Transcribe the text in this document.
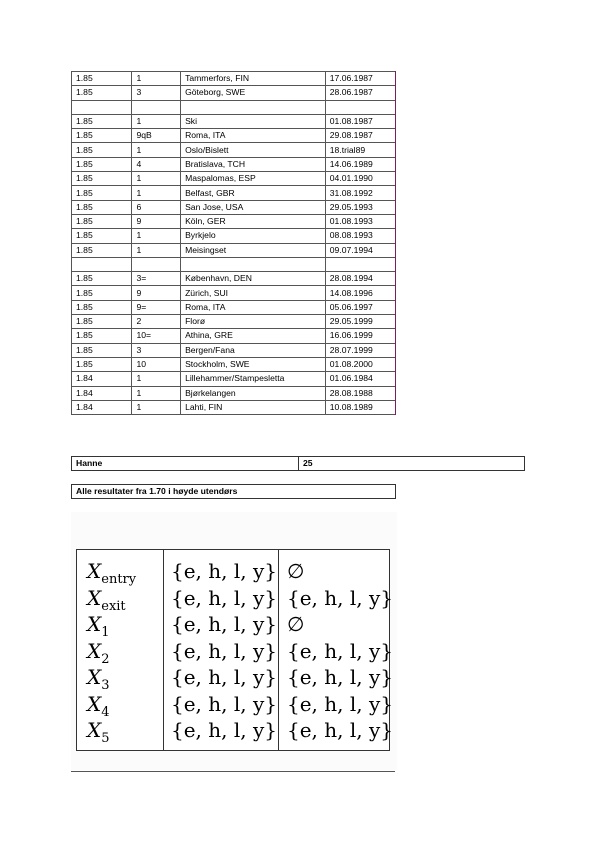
1.85	1	Tammerfors, FIN	17.06.1987
1.85	3	Göteborg, SWE	28.06.1987

1.85	1	Ski	01.08.1987
1.85	9qB	Roma, ITA	29.08.1987
1.85	1	Oslo/Bislett	18.trial89
1.85	4	Bratislava, TCH	14.06.1989
1.85	1	Maspalomas, ESP	04.01.1990
1.85	1	Belfast, GBR	31.08.1992
1.85	6	San Jose, USA	29.05.1993
1.85	9	Köln, GER	01.08.1993
1.85	1	Byrkjelo	08.08.1993
1.85	1	Meisingset	09.07.1994

1.85	3=	København, DEN	28.08.1994
1.85	9	Zürich, SUI	14.08.1996
1.85	9=	Roma, ITA	05.06.1997
1.85	2	Florø	29.05.1999
1.85	10=	Athina, GRE	16.06.1999
1.85	3	Bergen/Fana	28.07.1999
1.85	10	Stockholm, SWE	01.08.2000
1.84	1	Lillehammer/Stampesletta	01.06.1984
1.84	1	Bjørkelangen	28.08.1988
1.84	1	Lahti, FIN	10.08.1989
Hanne	25
Alle resultater fra 1.70 i høyde utendørs
$X_{entry}$ {e, h, l, y} ∅
$X_{exit}$ {e, h, l, y} {e, h, l, y}
$X_1$	{e, h, l, y} ∅
$X_2$	{e, h, l, y} {e, h, l, y}
$X_3$	{e, h, l, y} {e, h, l, y}
$X_4$	{e, h, l, y} {e, h, l, y}
$X_5$	{e, h, l, y} {e, h, l, y}
